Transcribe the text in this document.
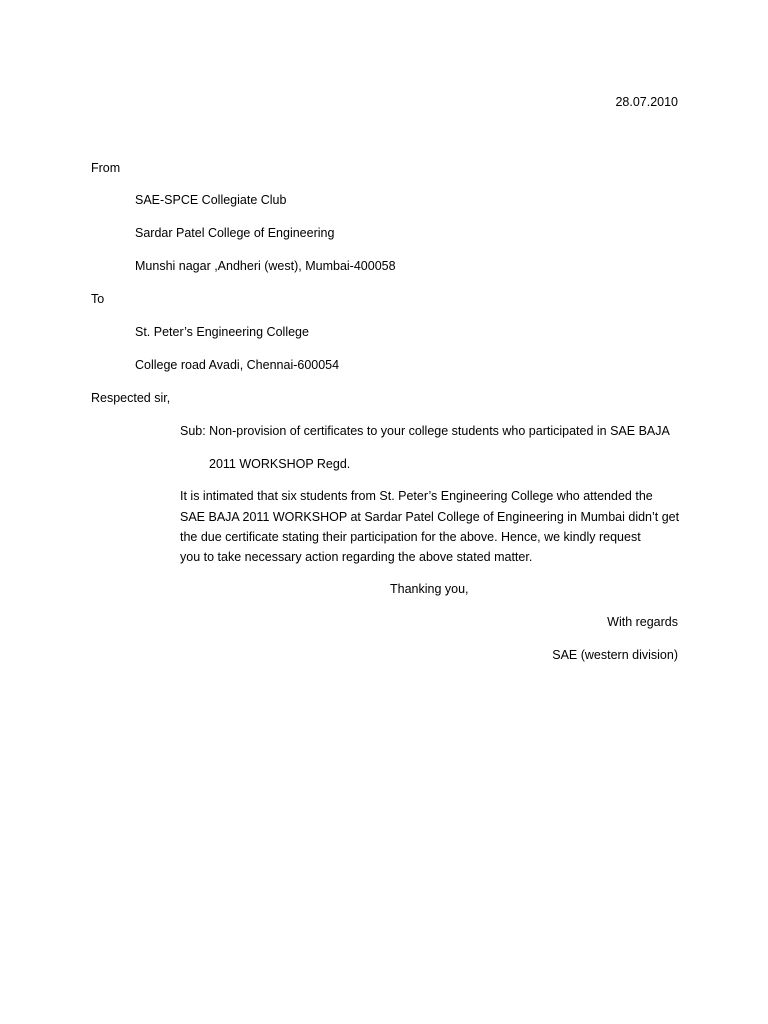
28.07.2010

From

SAE-SPCE Collegiate Club

Sardar Patel College of Engineering

Munshi nagar ,Andheri (west), Mumbai-400058

To

St. Peter’s Engineering College

College road Avadi, Chennai-600054

Respected sir,

Sub: Non-provision of certificates to your college students who participated in SAE BAJA

2011 WORKSHOP Regd.

It is intimated that six students from St. Peter’s Engineering College who attended the

SAE BAJA 2011 WORKSHOP at Sardar Patel College of Engineering in Mumbai didn’t get

the due certificate stating their participation for the above. Hence, we kindly request

you to take necessary action regarding the above stated matter.

Thanking you,

With regards

SAE (western division)
